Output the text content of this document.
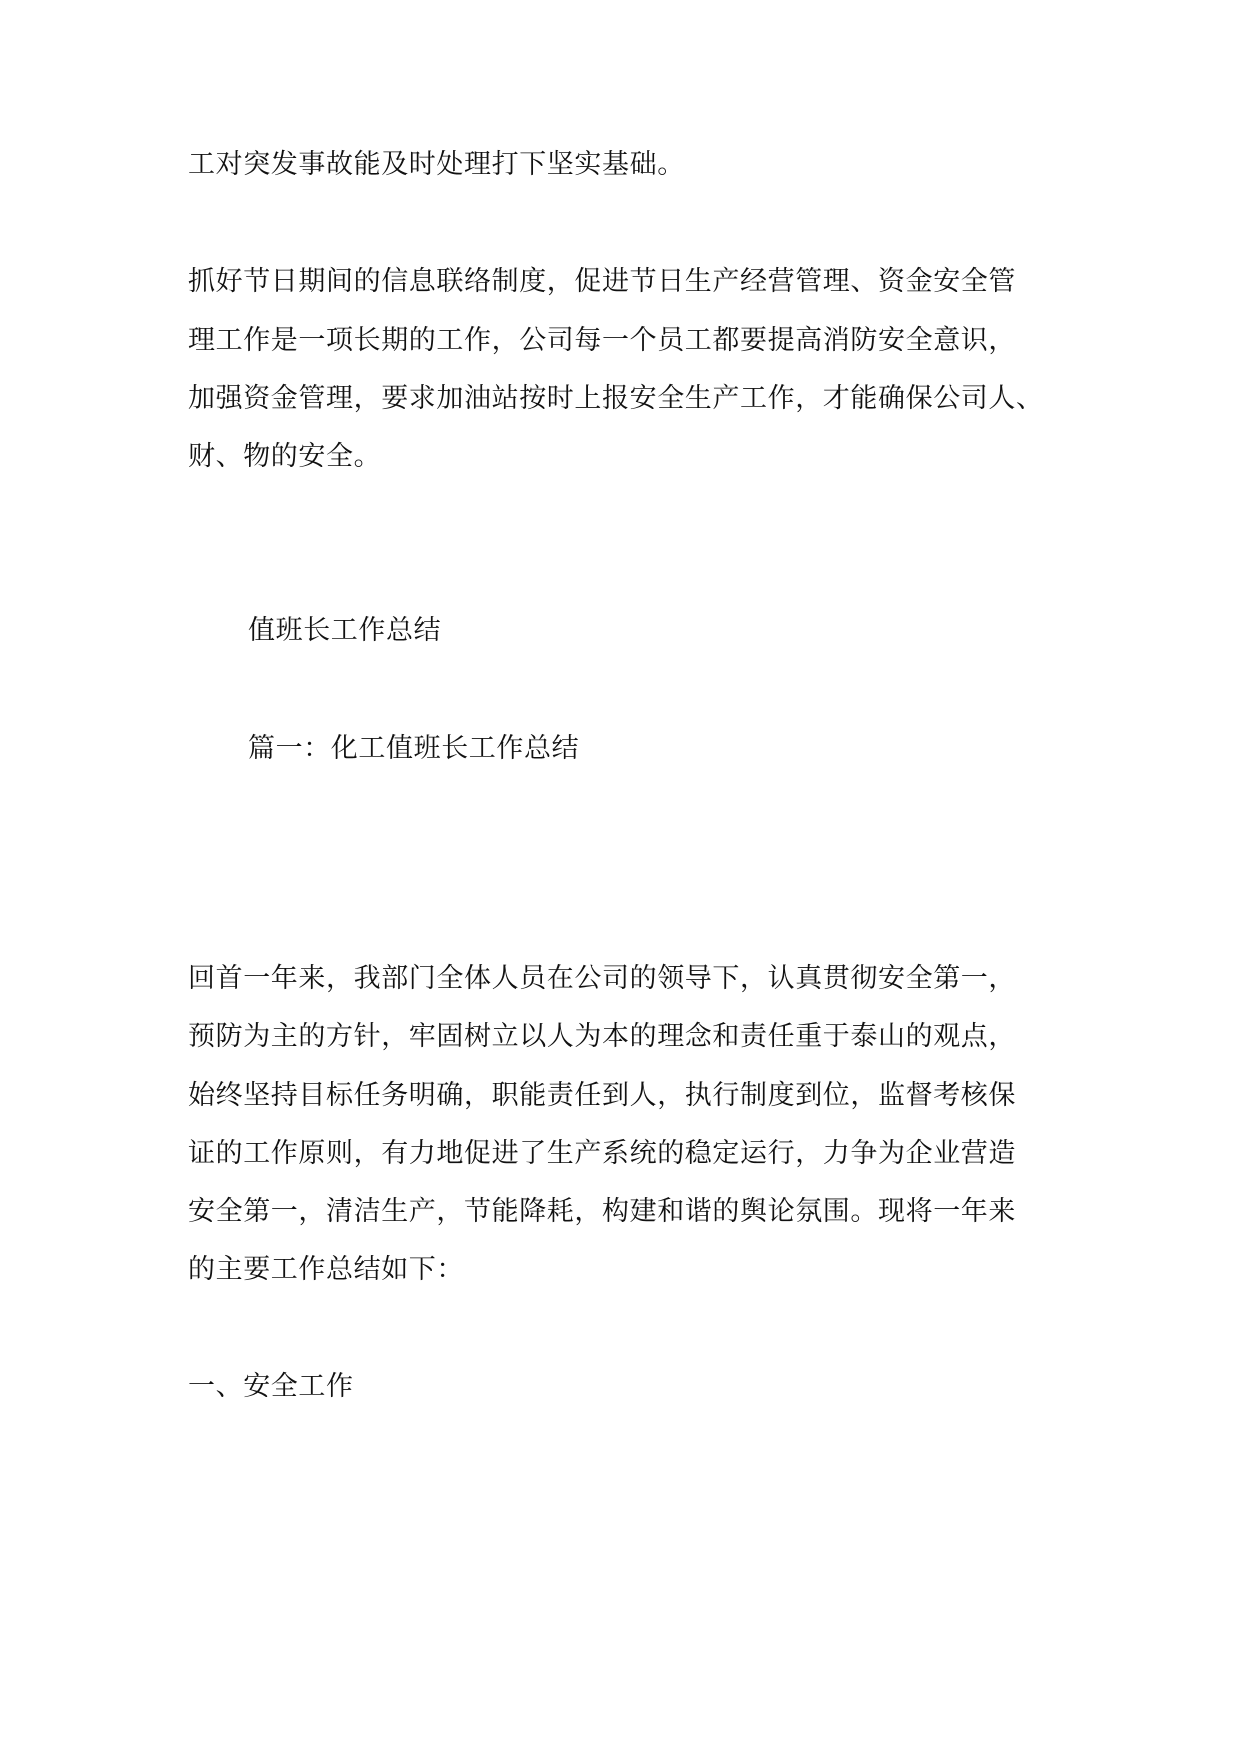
工对突发事故能及时处理打下坚实基础。
抓好节日期间的信息联络制度，促进节日生产经营管理、资金安全管
理工作是一项长期的工作，公司每一个员工都要提高消防安全意识，
加强资金管理，要求加油站按时上报安全生产工作，才能确保公司人、
财、物的安全。
值班长工作总结
篇一：化工值班长工作总结
回首一年来，我部门全体人员在公司的领导下，认真贯彻安全第一，
预防为主的方针，牢固树立以人为本的理念和责任重于泰山的观点，
始终坚持目标任务明确，职能责任到人，执行制度到位，监督考核保
证的工作原则，有力地促进了生产系统的稳定运行，力争为企业营造
安全第一，清洁生产，节能降耗，构建和谐的舆论氛围。现将一年来
的主要工作总结如下：
一、安全工作
